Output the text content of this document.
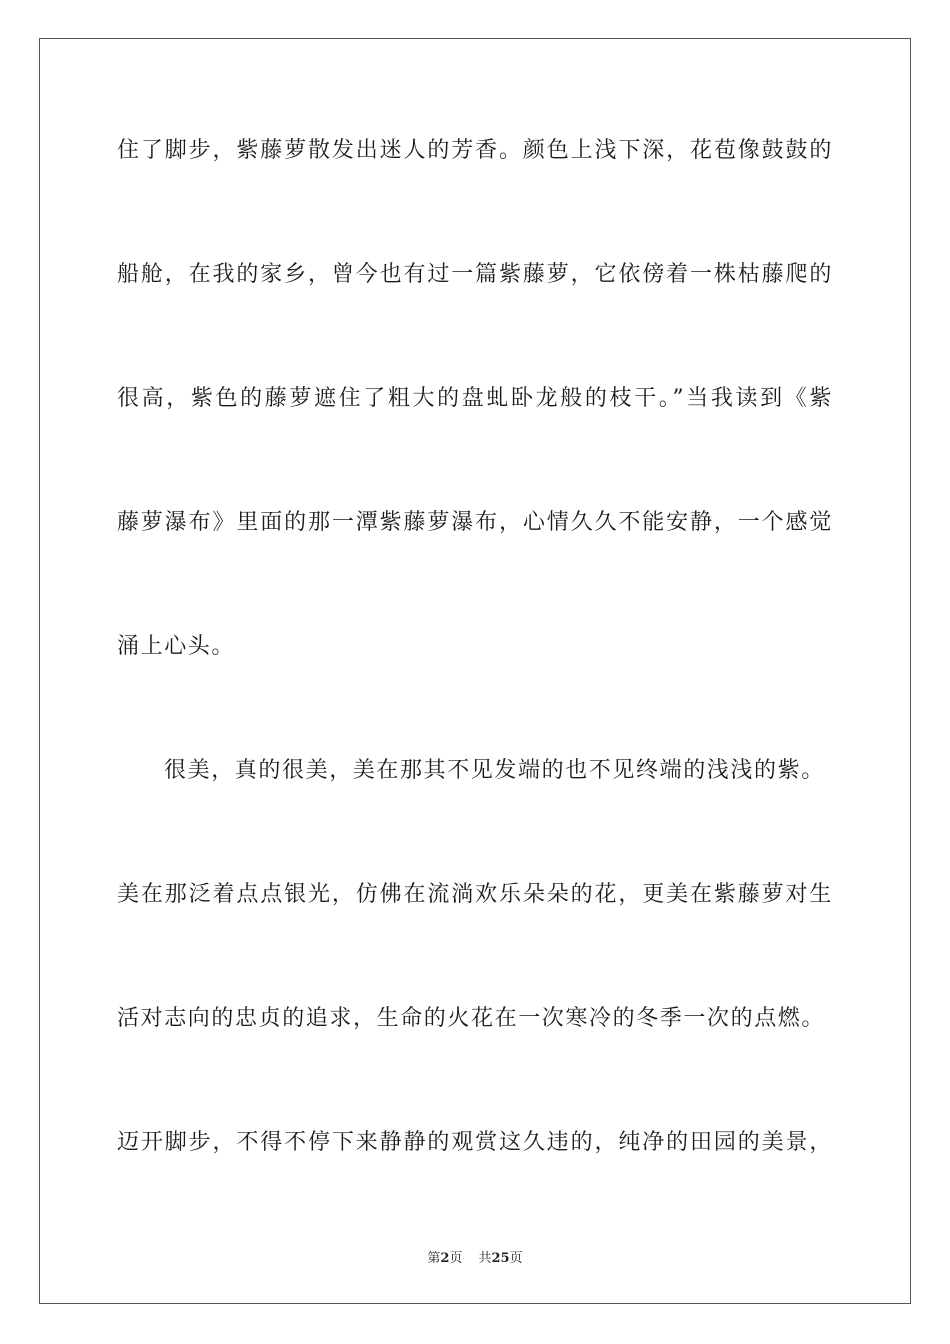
住了脚步，紫藤萝散发出迷人的芳香。颜色上浅下深，花苞像鼓鼓的
船舱，在我的家乡，曾今也有过一篇紫藤萝，它依傍着一株枯藤爬的
很高，紫色的藤萝遮住了粗大的盘虬卧龙般的枝干。”当我读到《紫
藤萝瀑布》里面的那一潭紫藤萝瀑布，心情久久不能安静，一个感觉
涌上心头。
很美，真的很美，美在那其不见发端的也不见终端的浅浅的紫。
美在那泛着点点银光，仿佛在流淌欢乐朵朵的花，更美在紫藤萝对生
活对志向的忠贞的追求，生命的火花在一次寒冷的冬季一次的点燃。
迈开脚步，不得不停下来静静的观赏这久违的，纯净的田园的美景，
第2页 共25页
